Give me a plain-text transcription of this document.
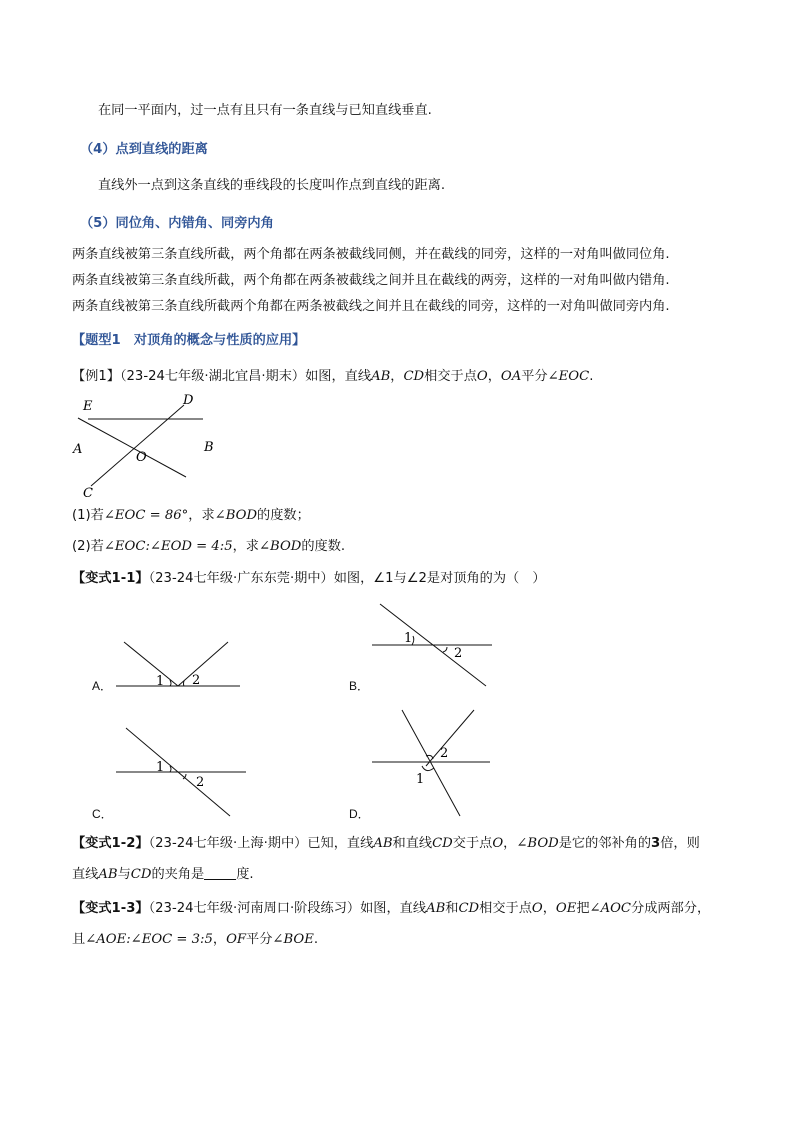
在同一平面内，过一点有且只有一条直线与已知直线垂直.
（4）点到直线的距离
直线外一点到这条直线的垂线段的长度叫作点到直线的距离.
（5）同位角、内错角、同旁内角
两条直线被第三条直线所截，两个角都在两条被截线同侧，并在截线的同旁，这样的一对角叫做同位角.
两条直线被第三条直线所截，两个角都在两条被截线之间并且在截线的两旁，这样的一对角叫做内错角.
两条直线被第三条直线所截两个角都在两条被截线之间并且在截线的同旁，这样的一对角叫做同旁内角.
【题型1　对顶角的概念与性质的应用】
【例1】（23-24七年级·湖北宜昌·期末）如图，直线AB，CD相交于点O，OA平分∠EOC.
E	D
A	B
O
C
(1)若∠EOC = 86°，求∠BOD的度数；
(2)若∠EOC:∠EOD = 4:5，求∠BOD的度数.
【变式1-1】（23-24七年级·广东东莞·期中）如图，∠1与∠2是对顶角的为（　）
A．	1 2	B．
1
2
C．
1
2
D．
2
1
【变式1-2】（23-24七年级·上海·期中）已知，直线AB和直线CD交于点O，∠BOD是它的邻补角的3倍，则
直线AB与CD的夹角是 度.
【变式1-3】（23-24七年级·河南周口·阶段练习）如图，直线AB和CD相交于点O，OE把∠AOC分成两部分，
且∠AOE:∠EOC = 3:5，OF平分∠BOE.
